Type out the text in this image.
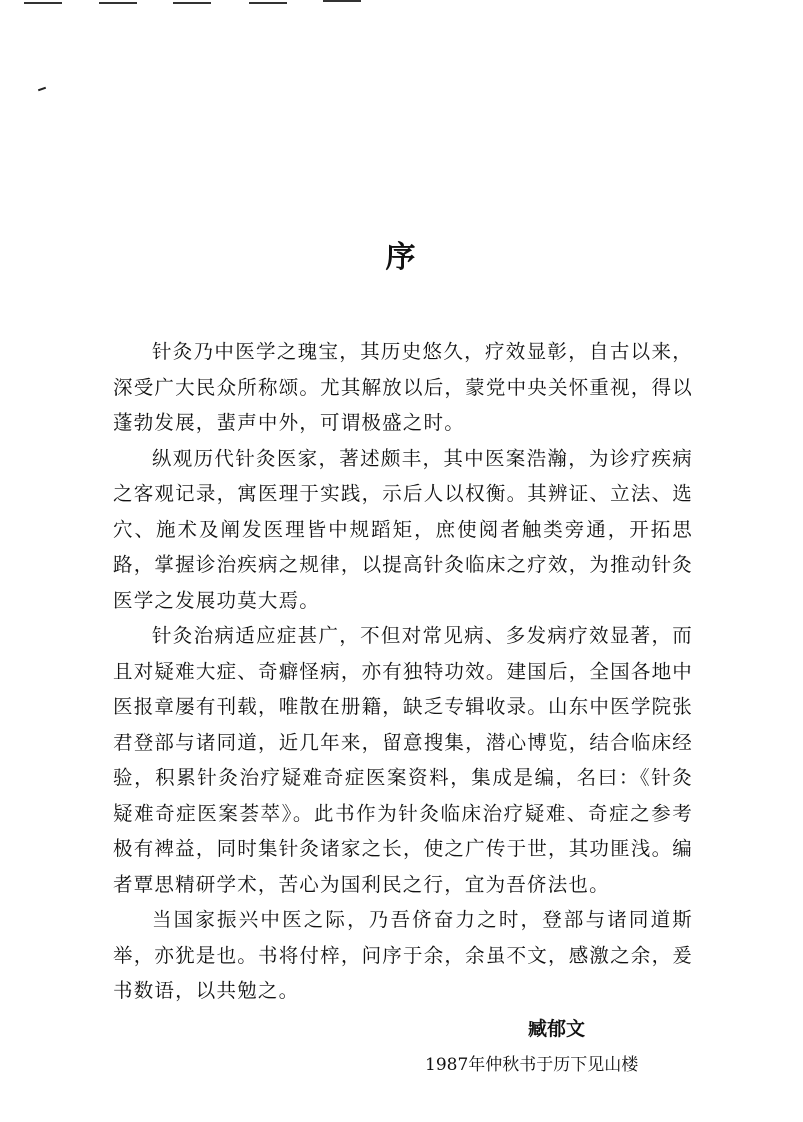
序

针灸乃中医学之瑰宝，其历史悠久，疗效显彰，自古以来，深受广大民众所称颂。尤其解放以后，蒙党中央关怀重视，得以蓬勃发展，蜚声中外，可谓极盛之时。

纵观历代针灸医家，著述颇丰，其中医案浩瀚，为诊疗疾病之客观记录，寓医理于实践，示后人以权衡。其辨证、立法、选穴、施术及阐发医理皆中规蹈矩，庶使阅者触类旁通，开拓思路，掌握诊治疾病之规律，以提高针灸临床之疗效，为推动针灸医学之发展功莫大焉。

针灸治病适应症甚广，不但对常见病、多发病疗效显著，而且对疑难大症、奇癖怪病，亦有独特功效。建国后，全国各地中医报章屡有刊载，唯散在册籍，缺乏专辑收录。山东中医学院张君登部与诸同道，近几年来，留意搜集，潜心博览，结合临床经验，积累针灸治疗疑难奇症医案资料，集成是编，名曰：《针灸疑难奇症医案荟萃》。此书作为针灸临床治疗疑难、奇症之参考极有裨益，同时集针灸诸家之长，使之广传于世，其功匪浅。编者覃思精研学术，苦心为国利民之行，宜为吾侪法也。

当国家振兴中医之际，乃吾侪奋力之时，登部与诸同道斯举，亦犹是也。书将付梓，问序于余，余虽不文，感激之余，爰书数语，以共勉之。

臧郁文
1987年仲秋书于历下见山楼
